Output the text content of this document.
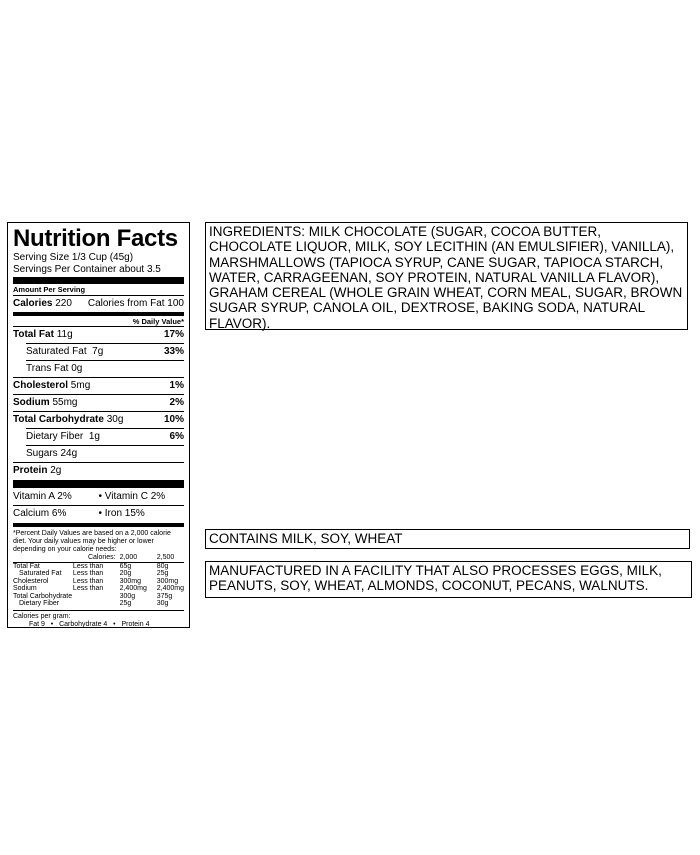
Nutrition Facts
Serving Size 1/3 Cup (45g)
Servings Per Container about 3.5
Amount Per Serving
Calories 220 Calories from Fat 100
% Daily Value*
Total Fat 11g	17%
Saturated Fat 7g	33%
Trans Fat 0g
Cholesterol 5mg	1%
Sodium 55mg	2%
Total Carbohydrate 30g	10%
Dietary Fiber 1g	6%
Sugars 24g
Protein 2g
Vitamin A 2%	• Vitamin C 2%
Calcium 6%	• Iron 15%
*Percent Daily Values are based on a 2,000 calorie diet. Your daily values may be higher or lower depending on your calorie needs:
	Calories:	2,000	2,500

Total Fat	Less than	65g	80g
Saturated Fat	Less than	20g	25g
Cholesterol	Less than	300mg	300mg
Sodium	Less than	2,400mg	2,400mg
Total Carbohydrate		300g	375g
Dietary Fiber		25g	30g
Calories per gram:
Fat 9   •   Carbohydrate 4   •   Protein 4
INGREDIENTS: MILK CHOCOLATE (SUGAR, COCOA BUTTER, CHOCOLATE LIQUOR, MILK, SOY LECITHIN (AN EMULSIFIER), VANILLA), MARSHMALLOWS (TAPIOCA SYRUP, CANE SUGAR, TAPIOCA STARCH, WATER, CARRAGEENAN, SOY PROTEIN, NATURAL VANILLA FLAVOR), GRAHAM CEREAL (WHOLE GRAIN WHEAT, CORN MEAL, SUGAR, BROWN SUGAR SYRUP, CANOLA OIL, DEXTROSE, BAKING SODA, NATURAL FLAVOR).
CONTAINS MILK, SOY, WHEAT
MANUFACTURED IN A FACILITY THAT ALSO PROCESSES EGGS, MILK, PEANUTS, SOY, WHEAT, ALMONDS, COCONUT, PECANS, WALNUTS.
